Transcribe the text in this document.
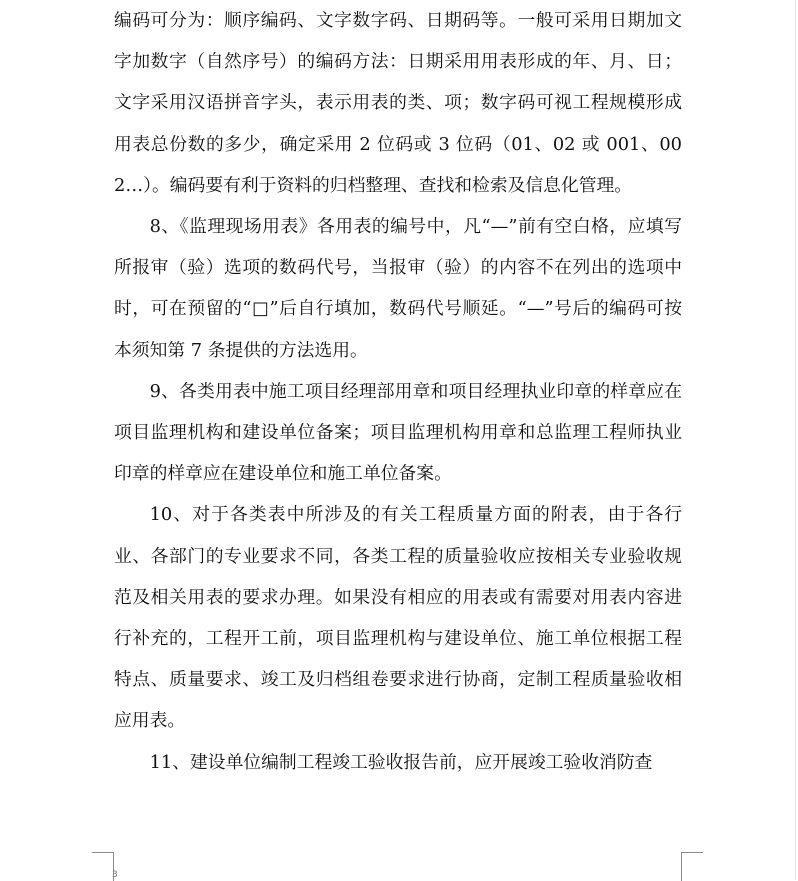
编码可分为：顺序编码、文字数字码、日期码等。一般可采用日期加文字加数字（自然序号）的编码方法：日期采用用表形成的年、月、日；文字采用汉语拼音字头，表示用表的类、项；数字码可视工程规模形成用表总份数的多少，确定采用 2 位码或 3 位码（01、02 或 001、002…）。编码要有利于资料的归档整理、查找和检索及信息化管理。

8、《监理现场用表》各用表的编号中，凡“—”前有空白格，应填写所报审（验）选项的数码代号，当报审（验）的内容不在列出的选项中时，可在预留的“□”后自行填加，数码代号顺延。“—”号后的编码可按本须知第 7 条提供的方法选用。

9、各类用表中施工项目经理部用章和项目经理执业印章的样章应在项目监理机构和建设单位备案；项目监理机构用章和总监理工程师执业印章的样章应在建设单位和施工单位备案。

10、对于各类表中所涉及的有关工程质量方面的附表，由于各行业、各部门的专业要求不同，各类工程的质量验收应按相关专业验收规范及相关用表的要求办理。如果没有相应的用表或有需要对用表内容进行补充的，工程开工前，项目监理机构与建设单位、施工单位根据工程特点、质量要求、竣工及归档组卷要求进行协商，定制工程质量验收相应用表。

11、建设单位编制工程竣工验收报告前，应开展竣工验收消防查

3
